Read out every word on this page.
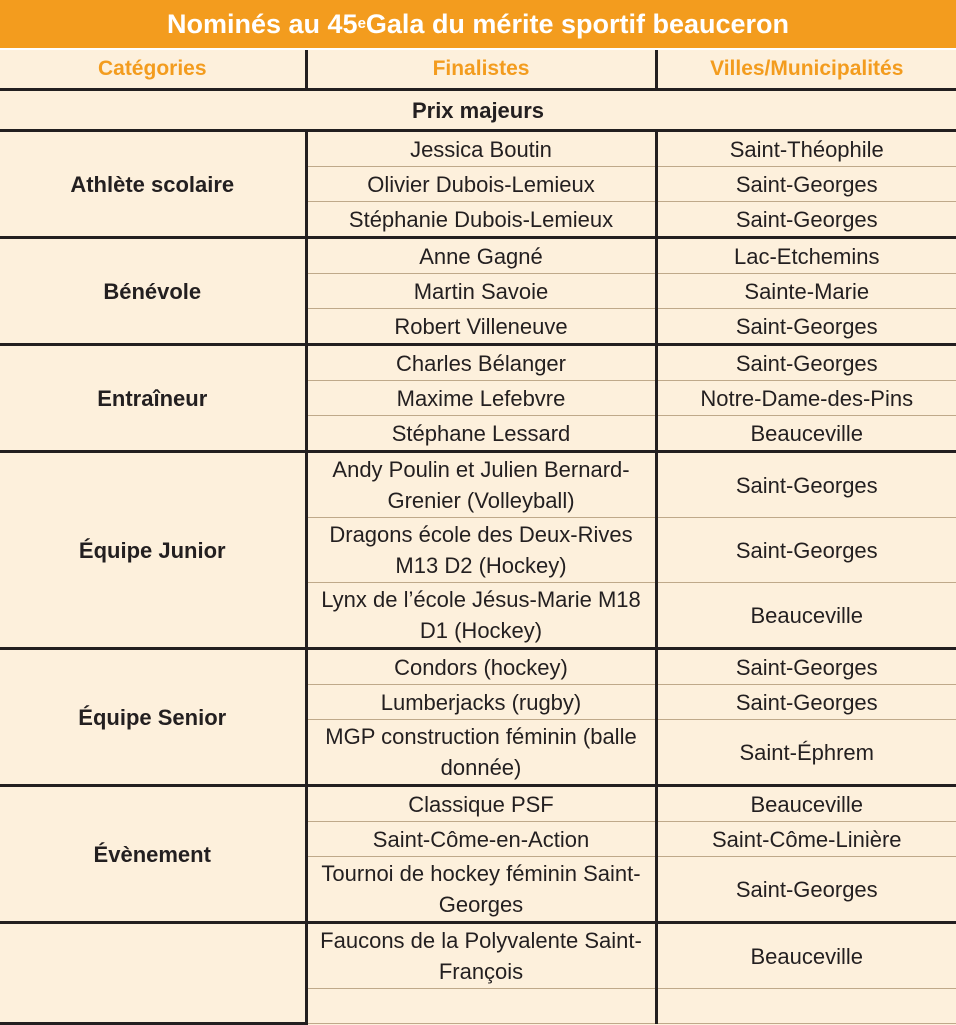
Nominés au 45 e Gala du mérite sportif beauceron
Catégories	Finalistes	Villes/Municipalités
Prix majeurs		
Athlète scolaire	Jessica Boutin	Saint-Théophile
	Olivier Dubois-Lemieux	Saint-Georges
	Stéphanie Dubois-Lemieux	Saint-Georges
Bénévole	Anne Gagné	Lac-Etchemins
	Martin Savoie	Sainte-Marie
	Robert Villeneuve	Saint-Georges
Entraîneur	Charles Bélanger	Saint-Georges
	Maxime Lefebvre	Notre-Dame-des-Pins
	Stéphane Lessard	Beauceville
Équipe Junior	Andy Poulin et Julien Bernard-Grenier (Volleyball)	Saint-Georges
	Dragons école des Deux-Rives M13 D2 (Hockey)	Saint-Georges
	Lynx de l’école Jésus-Marie M18 D1 (Hockey)	Beauceville
Équipe Senior	Condors (hockey)	Saint-Georges
	Lumberjacks (rugby)	Saint-Georges
	MGP construction féminin (balle donnée)	Saint-Éphrem
Évènement	Classique PSF	Beauceville
	Saint-Côme-en-Action	Saint-Côme-Linière
	Tournoi de hockey féminin Saint-Georges	Saint-Georges
	Faucons de la Polyvalente Saint-François	Beauceville
